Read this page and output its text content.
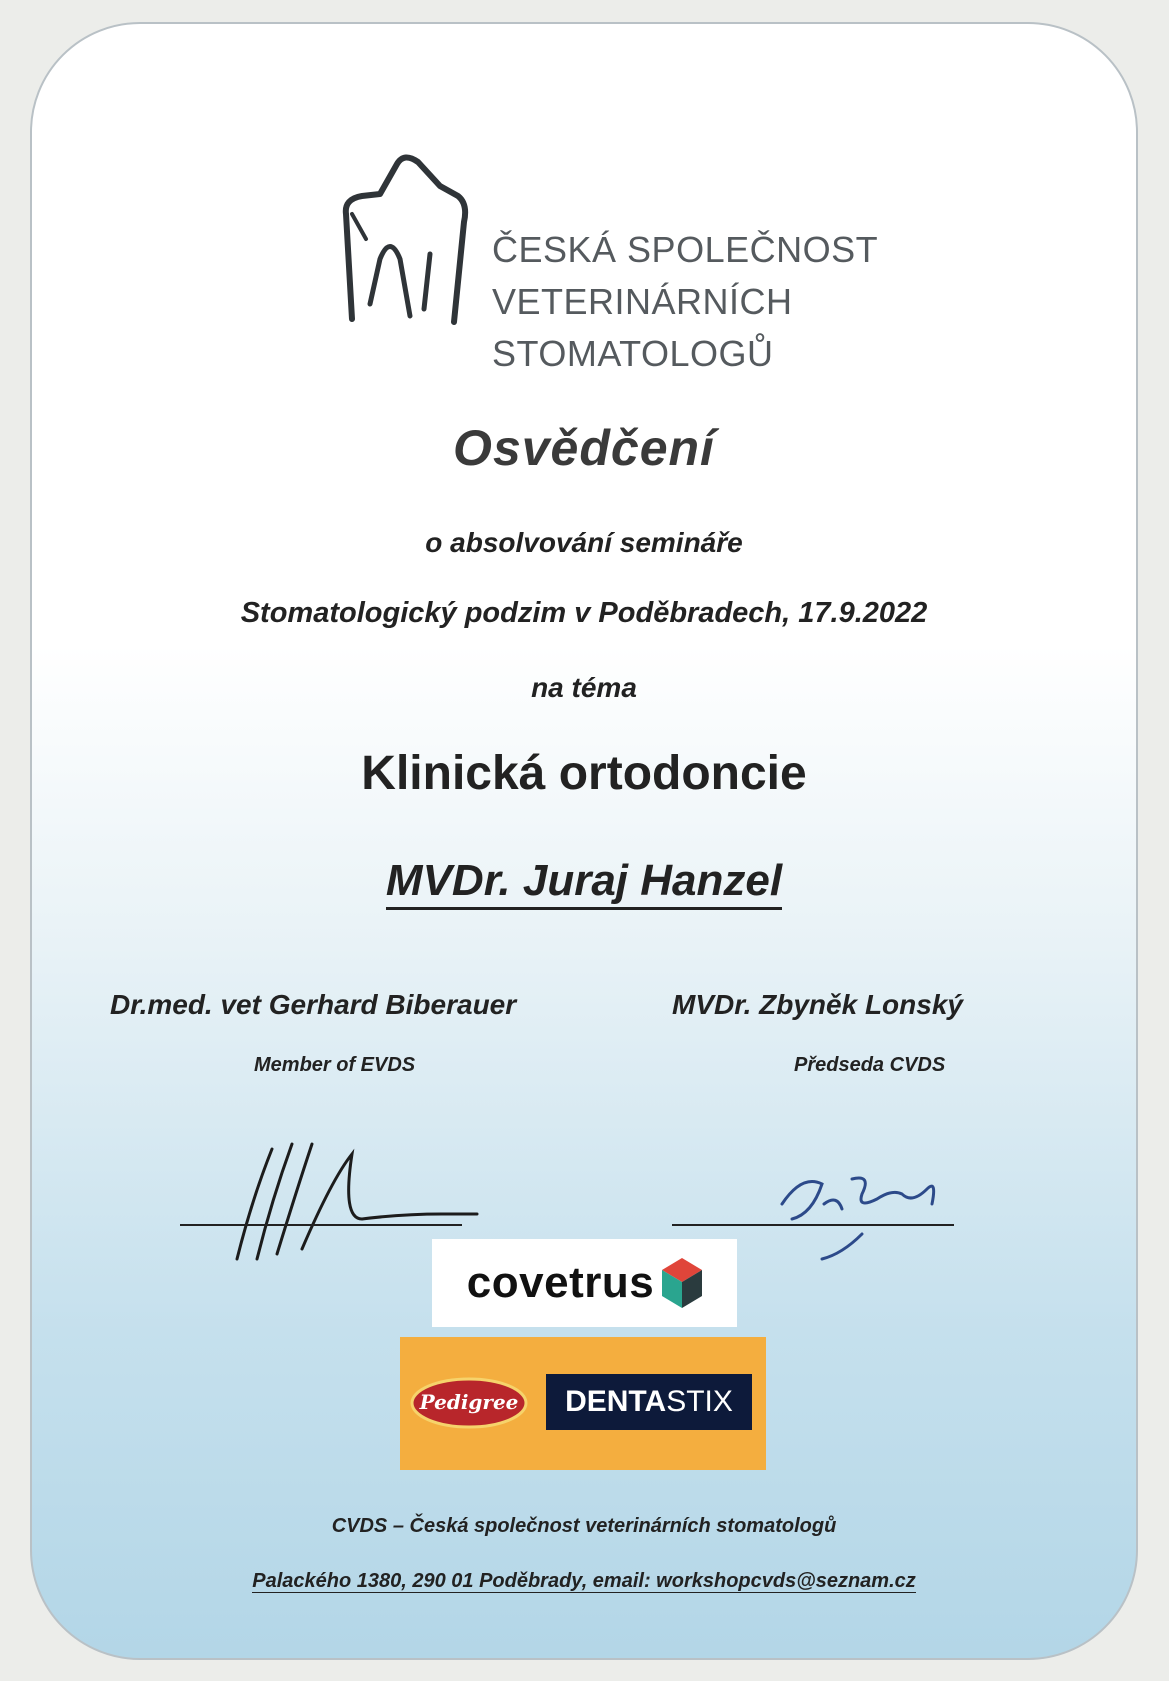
ČESKÁ SPOLEČNOST
VETERINÁRNÍCH
STOMATOLOGŮ
Osvědčení
o absolvování semináře
Stomatologický podzim v Poděbradech, 17.9.2022
na téma
Klinická ortodoncie
MVDr. Juraj Hanzel
Dr.med. vet Gerhard Biberauer
Member of EVDS
MVDr. Zbyněk Lonský
Předseda CVDS
covetrus
Pedigree	DENTA STIX
CVDS – Česká společnost veterinárních stomatologů
Palackého 1380, 290 01 Poděbrady, email: workshopcvds@seznam.cz
